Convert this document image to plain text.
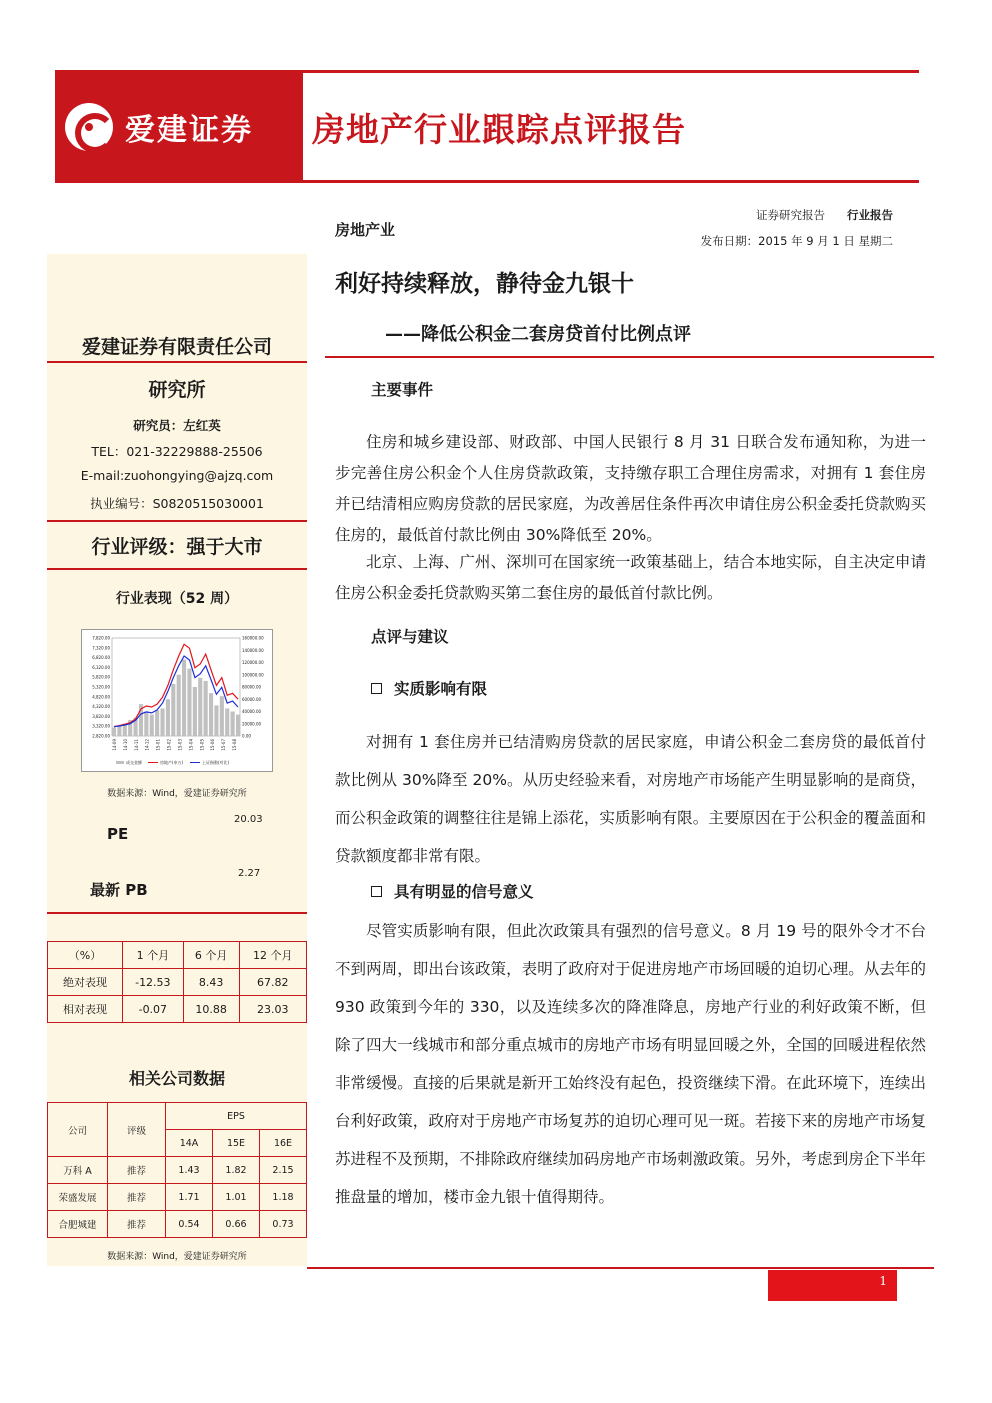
爱建证券 房地产行业跟踪点评报告
爱建证券有限责任公司
研究所
研究员：左红英
TEL：021-32229888-25506
E-mail:zuohongying@ajzq.com
执业编号：S0820515030001
行业评级：强于大市
行业表现（52 周）
7,820.00
7,320.00
6,820.00
6,320.00
5,820.00
5,320.00
4,820.00
4,320.00
3,820.00
3,320.00
2,820.00
160000.00
140000.00
120000.00
100000.00
80000.00
60000.00
40000.00
20000.00
0.00
14-09 14-10 14-11 14-12 15-01 15-02 15-03 15-04 15-05 15-06 15-07 15-08
成交金额	房地产(申万)	上证指数(对比)
数据来源：Wind，爱建证券研究所
20.03
PE
2.27
最新 PB
（%）	1 个月	6 个月	12 个月
绝对表现	-12.53	8.43	67.82
相对表现	-0.07	10.88	23.03
相关公司数据
公司	评级	EPS		
		14A	15E	16E
万科 A	推荐	1.43	1.82	2.15
荣盛发展	推荐	1.71	1.01	1.18
合肥城建	推荐	0.54	0.66	0.73
数据来源：Wind，爱建证券研究所
房地产业
证券研究报告 行业报告
发布日期：2015 年 9 月 1 日 星期二
利好持续释放，静待金九银十
——降低公积金二套房贷首付比例点评
主要事件
住房和城乡建设部、财政部、中国人民银行 8 月 31 日联合发布通知称，为进一步完善住房公积金个人住房贷款政策，支持缴存职工合理住房需求，对拥有 1 套住房并已结清相应购房贷款的居民家庭，为改善居住条件再次申请住房公积金委托贷款购买住房的，最低首付款比例由 30%降低至 20%。
北京、上海、广州、深圳可在国家统一政策基础上，结合本地实际，自主决定申请住房公积金委托贷款购买第二套住房的最低首付款比例。
点评与建议
实质影响有限
对拥有 1 套住房并已结清购房贷款的居民家庭，申请公积金二套房贷的最低首付款比例从 30%降至 20%。从历史经验来看，对房地产市场能产生明显影响的是商贷，而公积金政策的调整往往是锦上添花，实质影响有限。主要原因在于公积金的覆盖面和贷款额度都非常有限。
具有明显的信号意义
尽管实质影响有限，但此次政策具有强烈的信号意义。8 月 19 号的限外令才不台不到两周，即出台该政策，表明了政府对于促进房地产市场回暖的迫切心理。从去年的 930 政策到今年的 330，以及连续多次的降准降息，房地产行业的利好政策不断，但除了四大一线城市和部分重点城市的房地产市场有明显回暖之外，全国的回暖进程依然非常缓慢。直接的后果就是新开工始终没有起色，投资继续下滑。在此环境下，连续出台利好政策，政府对于房地产市场复苏的迫切心理可见一斑。若接下来的房地产市场复苏进程不及预期，不排除政府继续加码房地产市场刺激政策。另外，考虑到房企下半年推盘量的增加，楼市金九银十值得期待。
1
